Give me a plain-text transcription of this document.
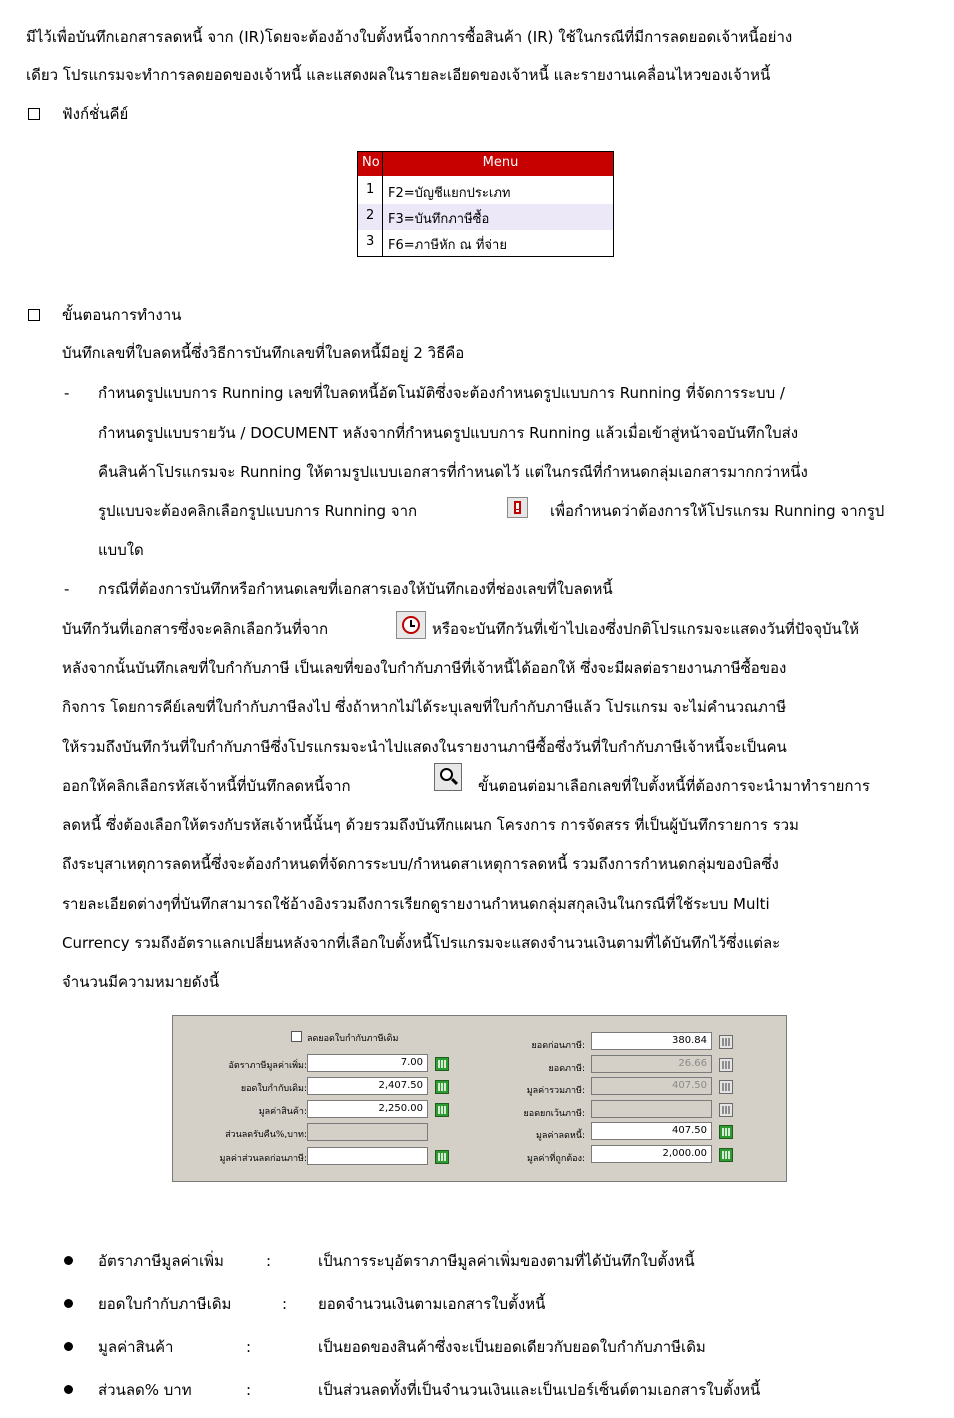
มีไว้เพื่อบันทึกเอกสารลดหนี้ จาก (IR)โดยจะต้องอ้างใบตั้งหนี้จากการซื้อสินค้า (IR) ใช้ในกรณีที่มีการลดยอดเจ้าหนี้อย่าง
เดียว โปรแกรมจะทำการลดยอดของเจ้าหนี้ และแสดงผลในรายละเอียดของเจ้าหนี้ และรายงานเคลื่อนไหวของเจ้าหนี้
ฟังก์ชั่นคีย์
No	Menu
1 F2=บัญชีแยกประเภท
2 F3=บันทึกภาษีซื้อ
3 F6=ภาษีหัก ณ ที่จ่าย
ขั้นตอนการทำงาน
บันทึกเลขที่ใบลดหนี้ซึ่งวิธีการบันทึกเลขที่ใบลดหนี้มีอยู่ 2 วิธีคือ
- กำหนดรูปแบบการ Running เลขที่ใบลดหนี้อัตโนมัติซึ่งจะต้องกำหนดรูปแบบการ Running ที่จัดการระบบ /
กำหนดรูปแบบรายวัน / DOCUMENT หลังจากที่กำหนดรูปแบบการ Running แล้วเมื่อเข้าสู่หน้าจอบันทึกใบส่ง
คืนสินค้าโปรแกรมจะ Running ให้ตามรูปแบบเอกสารที่กำหนดไว้ แต่ในกรณีที่กำหนดกลุ่มเอกสารมากกว่าหนึ่ง
รูปแบบจะต้องคลิกเลือกรูปแบบการ Running จาก	เพื่อกำหนดว่าต้องการให้โปรแกรม Running จากรูป
แบบใด
- กรณีที่ต้องการบันทึกหรือกำหนดเลขที่เอกสารเองให้บันทึกเองที่ช่องเลขที่ใบลดหนี้
บันทึกวันที่เอกสารซึ่งจะคลิกเลือกวันที่จาก	หรือจะบันทึกวันที่เข้าไปเองซึ่งปกติโปรแกรมจะแสดงวันที่ปัจจุบันให้
หลังจากนั้นบันทึกเลขที่ใบกำกับภาษี เป็นเลขที่ของใบกำกับภาษีที่เจ้าหนี้ได้ออกให้ ซึ่งจะมีผลต่อรายงานภาษีซื้อของ
กิจการ โดยการคีย์เลขที่ใบกำกับภาษีลงไป ซึ่งถ้าหากไม่ได้ระบุเลขที่ใบกำกับภาษีแล้ว โปรแกรม จะไม่คำนวณภาษี
ให้รวมถึงบันทึกวันที่ใบกำกับภาษีซึ่งโปรแกรมจะนำไปแสดงในรายงานภาษีซื้อซึ่งวันที่ใบกำกับภาษีเจ้าหนี้จะเป็นคน
ออกให้คลิกเลือกรหัสเจ้าหนี้ที่บันทึกลดหนี้จาก	ขั้นตอนต่อมาเลือกเลขที่ใบตั้งหนี้ที่ต้องการจะนำมาทำรายการ
ลดหนี้ ซึ่งต้องเลือกให้ตรงกับรหัสเจ้าหนี้นั้นๆ ด้วยรวมถึงบันทึกแผนก โครงการ การจัดสรร ที่เป็นผู้บันทึกรายการ รวม
ถึงระบุสาเหตุการลดหนี้ซึ่งจะต้องกำหนดที่จัดการระบบ/กำหนดสาเหตุการลดหนี้ รวมถึงการกำหนดกลุ่มของบิลซึ่ง
รายละเอียดต่างๆที่บันทึกสามารถใช้อ้างอิงรวมถึงการเรียกดูรายงานกำหนดกลุ่มสกุลเงินในกรณีที่ใช้ระบบ Multi
Currency รวมถึงอัตราแลกเปลี่ยนหลังจากที่เลือกใบตั้งหนี้โปรแกรมจะแสดงจำนวนเงินตามที่ได้บันทึกไว้ซึ่งแต่ละ
จำนวนมีความหมายดังนี้
ลดยอดใบกำกับภาษีเดิม
อัตราภาษีมูลค่าเพิ่ม:	7.00
ยอดใบกำกับเดิม:	2,407.50
มูลค่าสินค้า:	2,250.00
ส่วนลดรับคืน%,บาท:
มูลค่าส่วนลดก่อนภาษี:
ยอดก่อนภาษี:	380.84
ยอดภาษี:	26.66
มูลค่ารวมภาษี:	407.50
ยอดยกเว้นภาษี:
มูลค่าลดหนี้:	407.50
มูลค่าที่ถูกต้อง:	2,000.00
อัตราภาษีมูลค่าเพิ่ม	:	เป็นการระบุอัตราภาษีมูลค่าเพิ่มของตามที่ได้บันทึกใบตั้งหนี้
ยอดใบกำกับภาษีเดิม	: ยอดจำนวนเงินตามเอกสารใบตั้งหนี้
มูลค่าสินค้า	:	เป็นยอดของสินค้าซึ่งจะเป็นยอดเดียวกับยอดใบกำกับภาษีเดิม
ส่วนลด% บาท	:	เป็นส่วนลดทั้งที่เป็นจำนวนเงินและเป็นเปอร์เซ็นต์ตามเอกสารใบตั้งหนี้
